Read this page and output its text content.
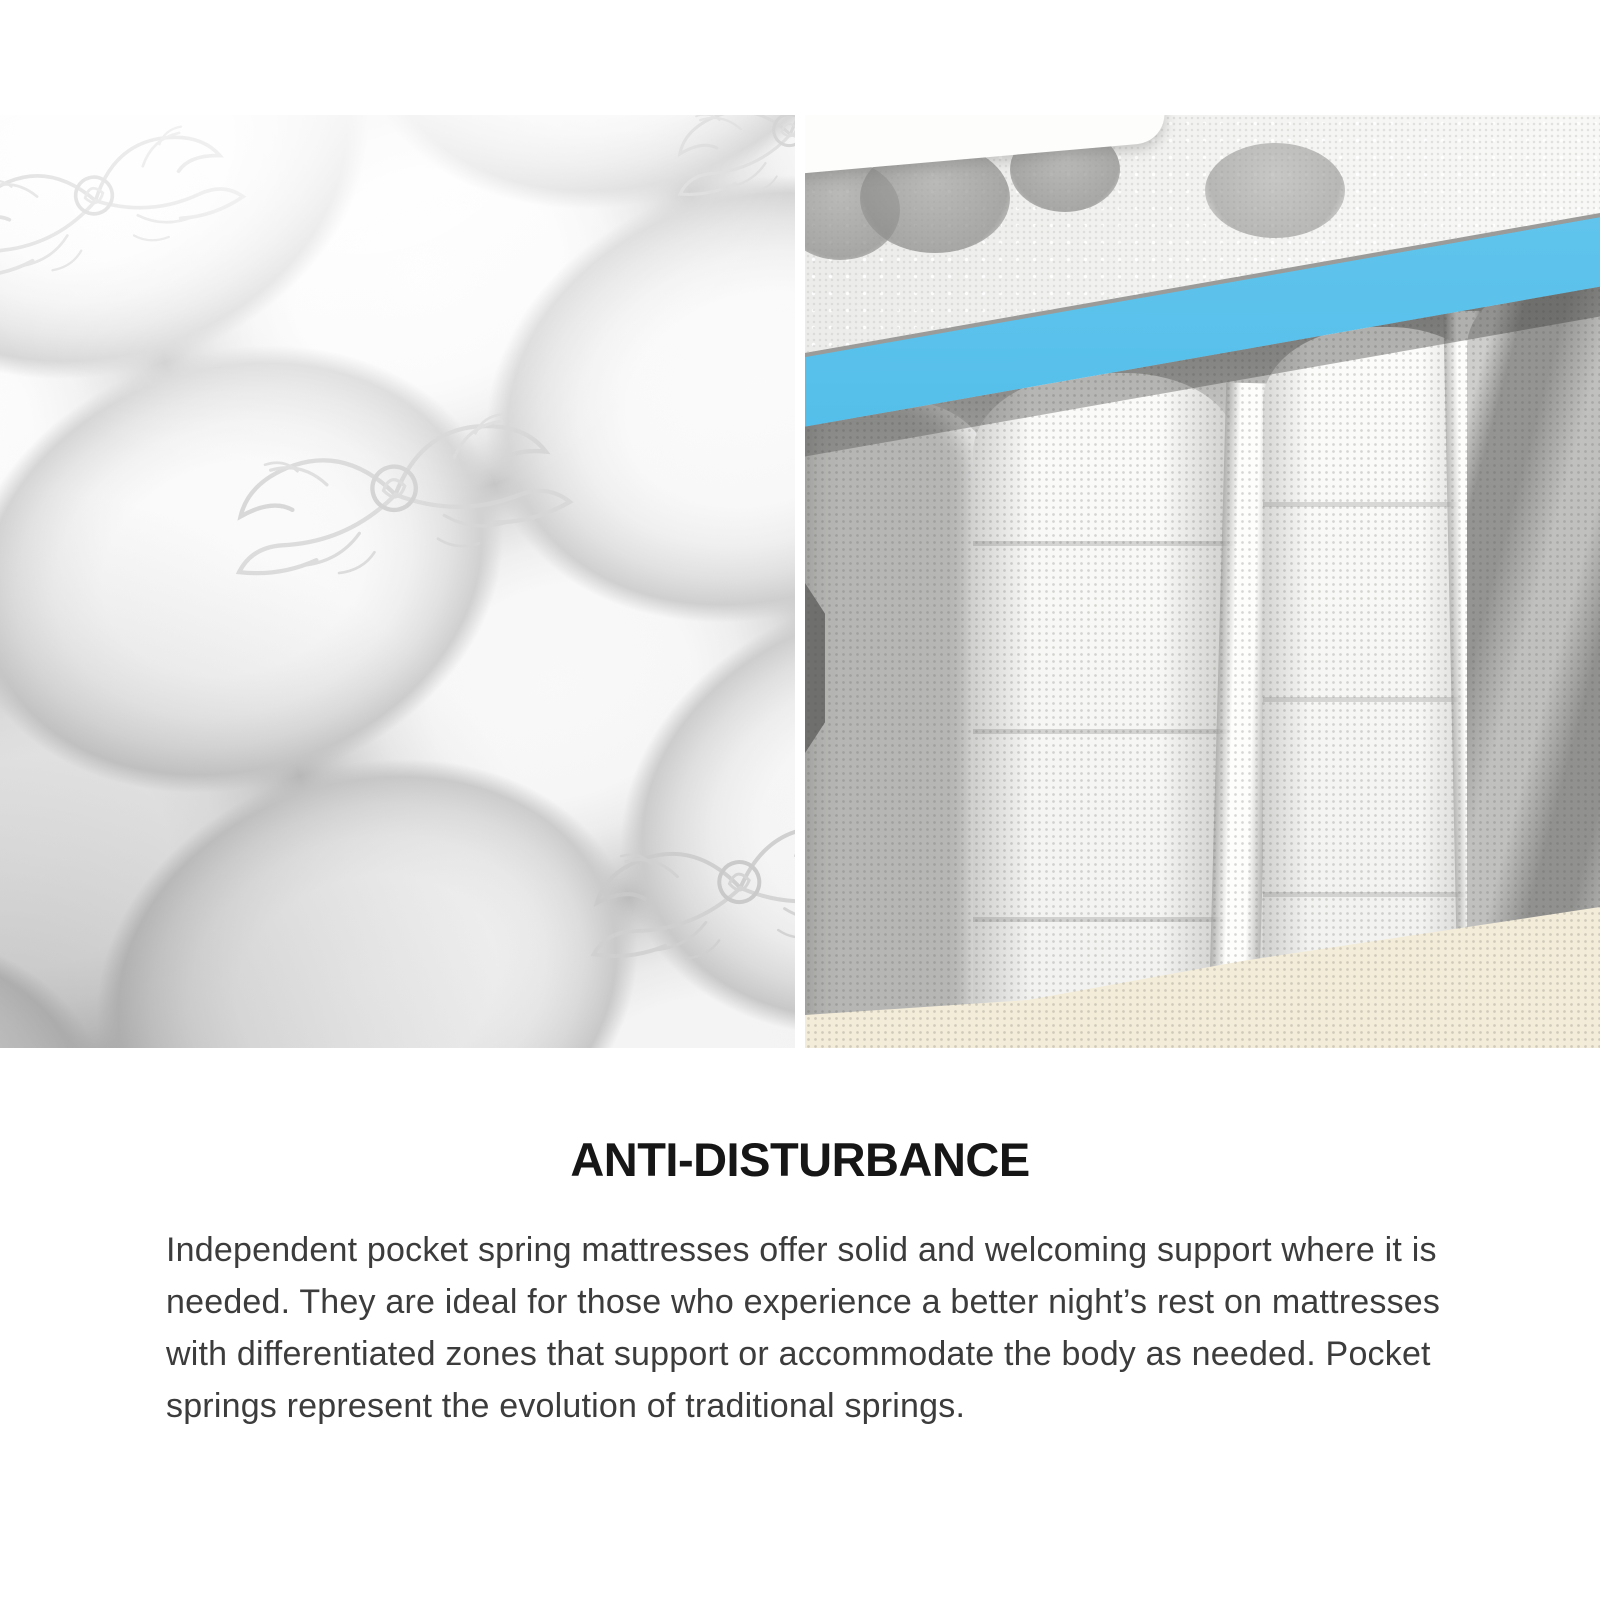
ANTI-DISTURBANCE
Independent pocket spring mattresses offer solid and welcoming support where it is
needed. They are ideal for those who experience a better night’s rest on mattresses
with differentiated zones that support or accommodate the body as needed. Pocket
springs represent the evolution of traditional springs.
